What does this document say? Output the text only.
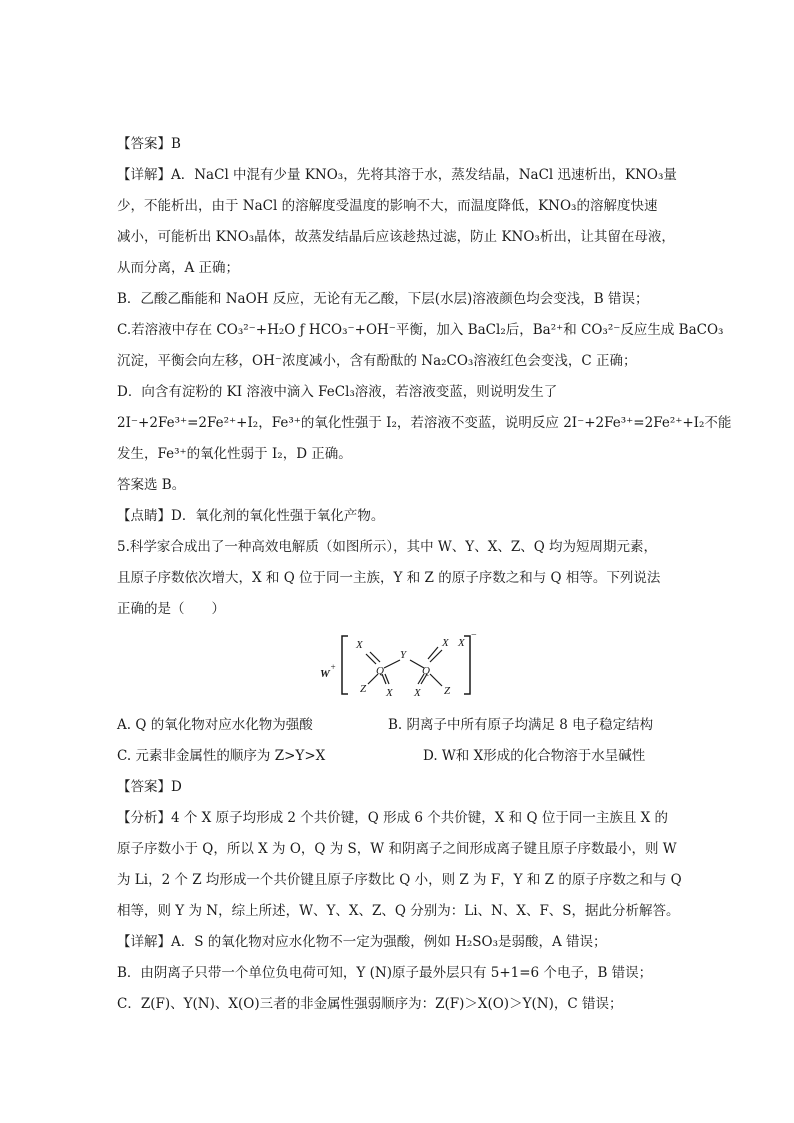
【答案】B
【详解】A．NaCl 中混有少量 KNO₃，先将其溶于水，蒸发结晶，NaCl 迅速析出，KNO₃量
少，不能析出，由于 NaCl 的溶解度受温度的影响不大，而温度降低，KNO₃的溶解度快速
减小，可能析出 KNO₃晶体，故蒸发结晶后应该趁热过滤，防止 KNO₃析出，让其留在母液，
从而分离，A 正确；
B．乙酸乙酯能和 NaOH 反应，无论有无乙酸，下层(水层)溶液颜色均会变浅，B 错误；
C.若溶液中存在 CO₃²⁻+H₂O ƒ HCO₃⁻+OH⁻平衡，加入 BaCl₂后，Ba²⁺和 CO₃²⁻反应生成 BaCO₃
沉淀，平衡会向左移，OH⁻浓度减小，含有酚酞的 Na₂CO₃溶液红色会变浅，C 正确；
D．向含有淀粉的 KI 溶液中滴入 FeCl₃溶液，若溶液变蓝，则说明发生了
2I⁻+2Fe³⁺=2Fe²⁺+I₂，Fe³⁺的氧化性强于 I₂，若溶液不变蓝，说明反应 2I⁻+2Fe³⁺=2Fe²⁺+I₂不能
发生，Fe³⁺的氧化性弱于 I₂，D 正确。
答案选 B。
【点睛】D．氧化剂的氧化性强于氧化产物。
5.科学家合成出了一种高效电解质（如图所示），其中 W、Y、X、Z、Q 均为短周期元素，
且原子序数依次增大，X 和 Q 位于同一主族，Y 和 Z 的原子序数之和与 Q 相等。下列说法
正确的是（　　）
W
+
−
X
Q
Y
Q
X
Z X X Z
X
A. Q 的氧化物对应水化物为强酸	B. 阴离子中所有原子均满足 8 电子稳定结构
C. 元素非金属性的顺序为 Z>Y>X	D. W和 X形成的化合物溶于水呈碱性
【答案】D
【分析】4 个 X 原子均形成 2 个共价键，Q 形成 6 个共价键，X 和 Q 位于同一主族且 X 的
原子序数小于 Q，所以 X 为 O，Q 为 S，W 和阴离子之间形成离子键且原子序数最小，则 W
为 Li，2 个 Z 均形成一个共价键且原子序数比 Q 小，则 Z 为 F，Y 和 Z 的原子序数之和与 Q
相等，则 Y 为 N，综上所述，W、Y、X、Z、Q 分别为：Li、N、X、F、S，据此分析解答。
【详解】A．S 的氧化物对应水化物不一定为强酸，例如 H₂SO₃是弱酸，A 错误；
B．由阴离子只带一个单位负电荷可知，Y (N)原子最外层只有 5+1=6 个电子，B 错误；
C．Z(F)、Y(N)、X(O)三者的非金属性强弱顺序为：Z(F)＞X(O)＞Y(N)，C 错误；
